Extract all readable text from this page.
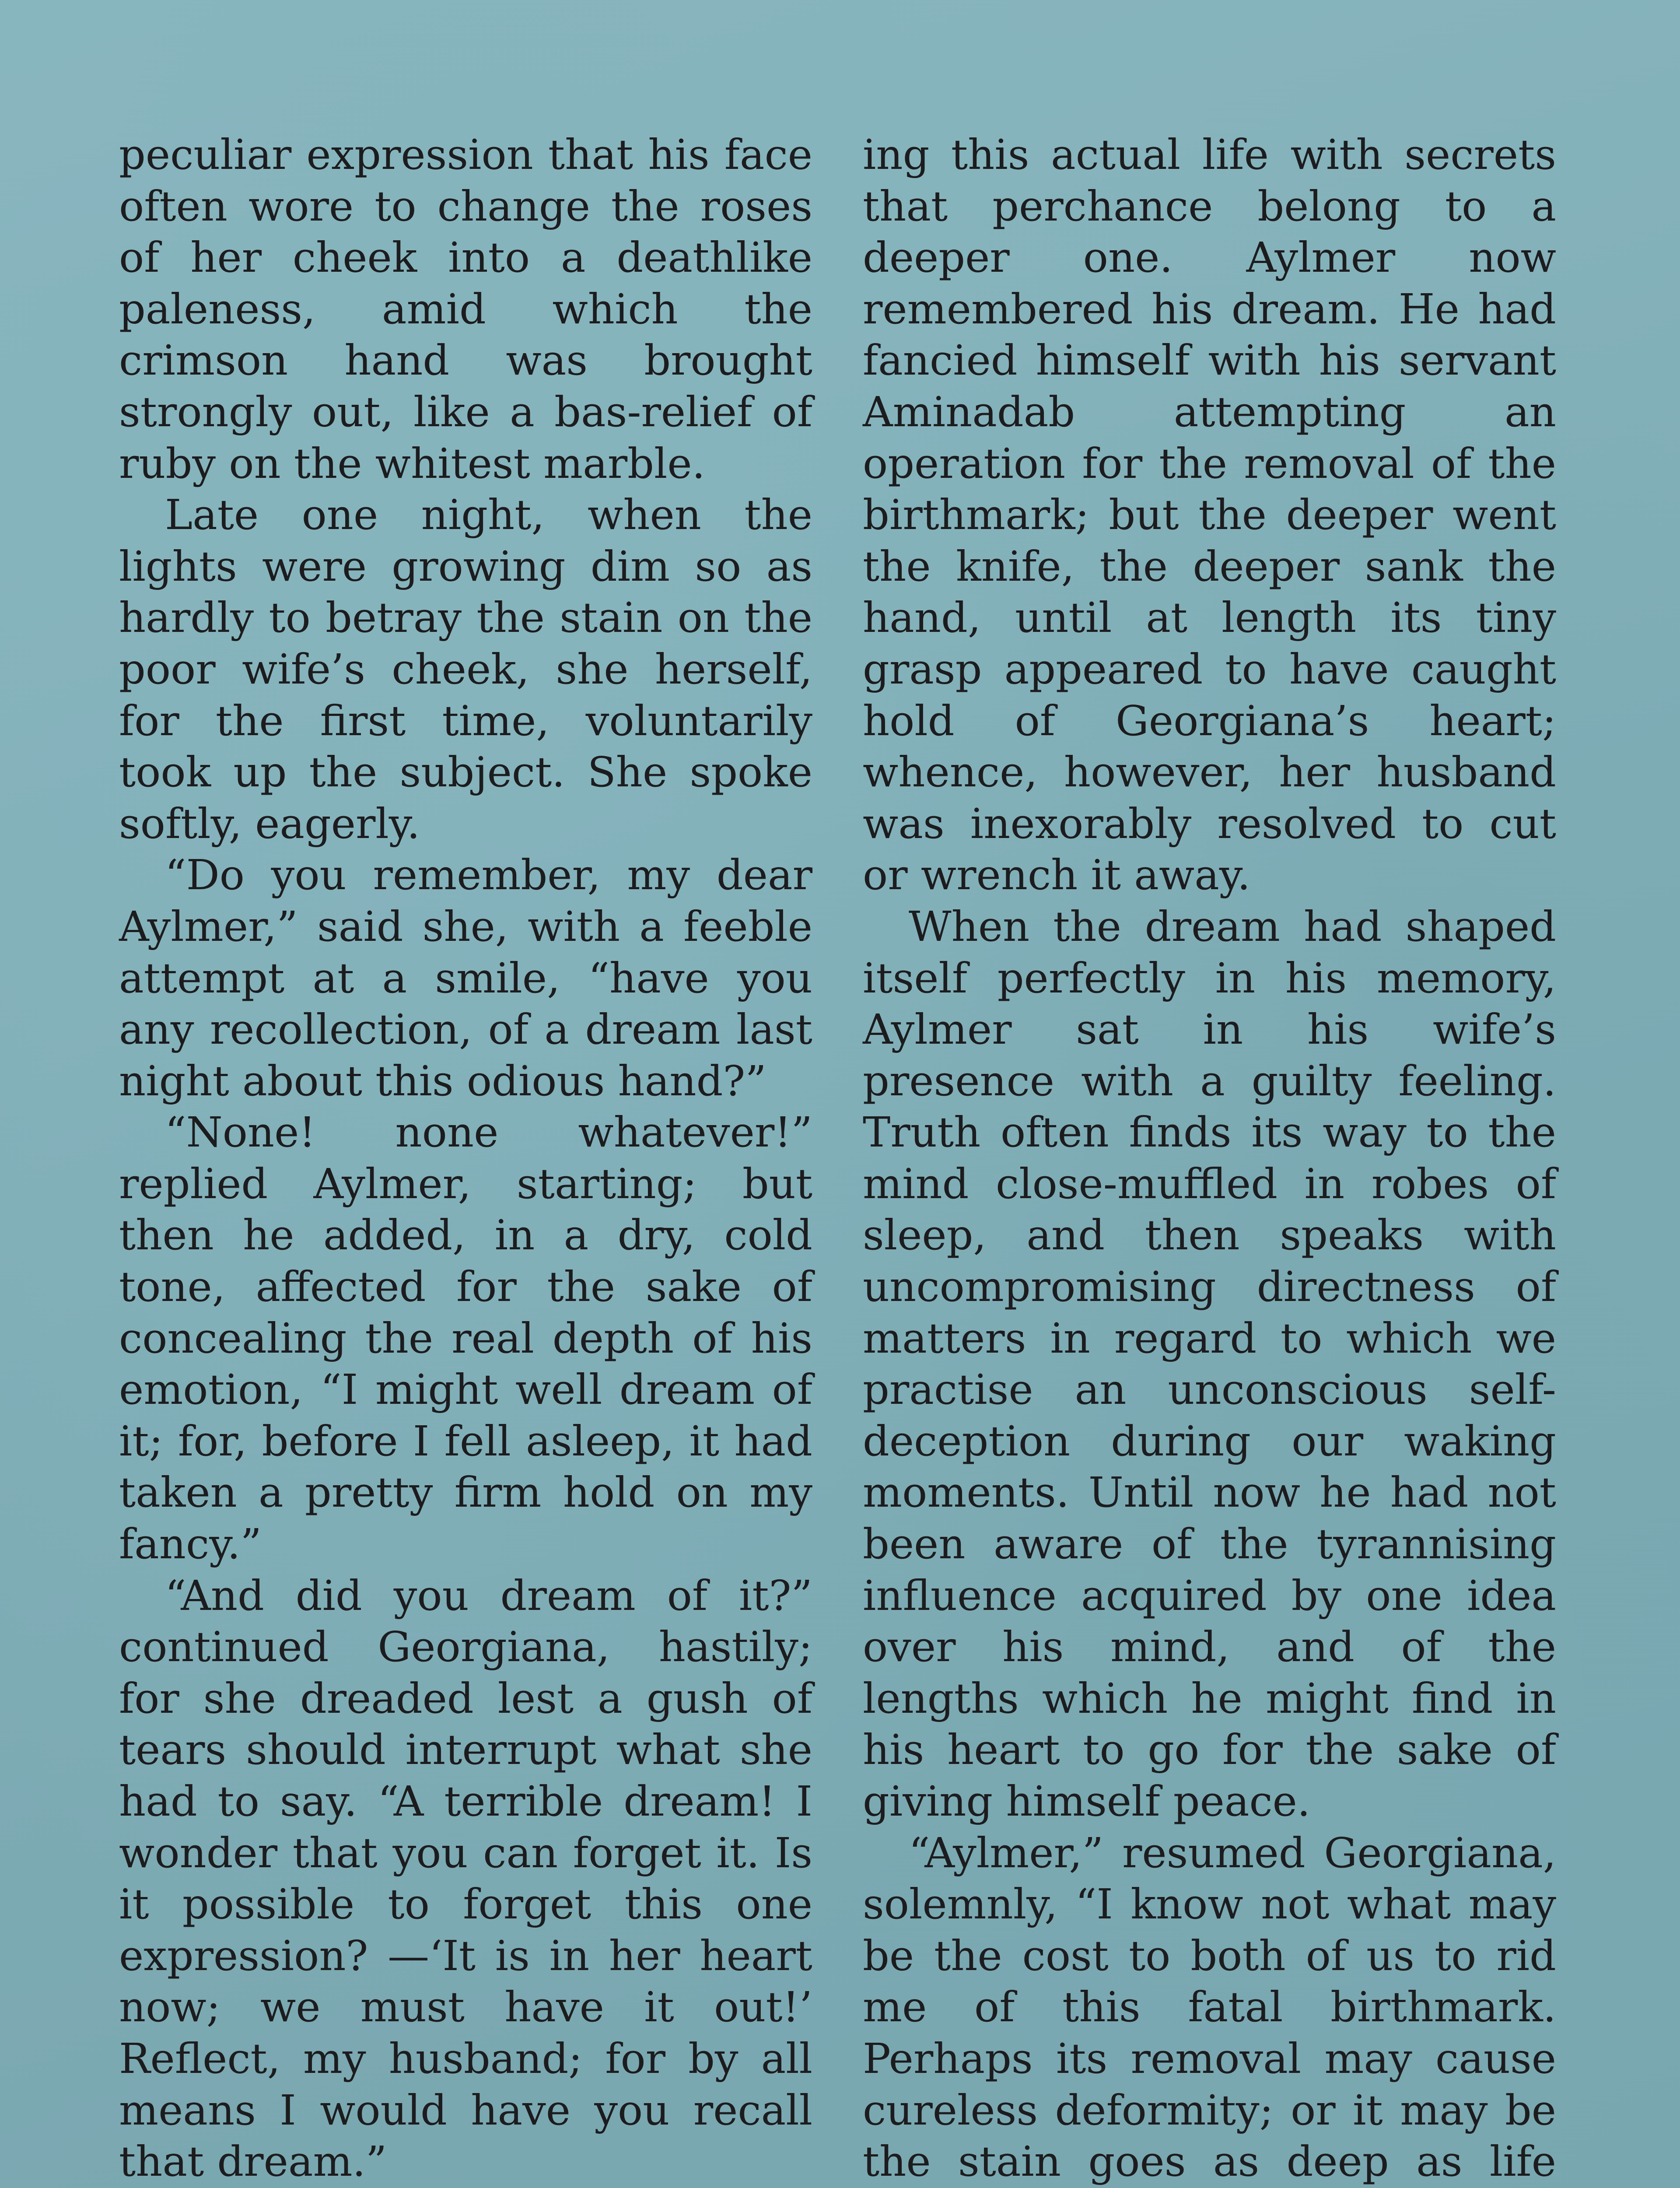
peculiar expression that his face often wore to change the roses of her cheek into a deathlike paleness, amid which the crimson hand was brought strongly out, like a bas-relief of ruby on the whitest marble.

Late one night, when the lights were growing dim so as hardly to betray the stain on the poor wife’s cheek, she herself, for the first time, voluntarily took up the subject. She spoke softly, eagerly.

“Do you remember, my dear Aylmer,” said she, with a feeble attempt at a smile, “have you any recollection, of a dream last night about this odious hand?”

“None! none whatever!” replied Aylmer, starting; but then he added, in a dry, cold tone, affected for the sake of concealing the real depth of his emotion, “I might well dream of it; for, before I fell asleep, it had taken a pretty firm hold on my fancy.”

“And did you dream of it?” continued Georgiana, hastily; for she dreaded lest a gush of tears should interrupt what she had to say. “A terrible dream! I wonder that you can forget it. Is it possible to forget this one expression? —‘It is in her heart now; we must have it out!’ Reflect, my husband; for by all means I would have you recall that dream.”

ing this actual life with secrets that perchance belong to a deeper one. Aylmer now remembered his dream. He had fancied himself with his servant Aminadab attempting an operation for the removal of the birthmark; but the deeper went the knife, the deeper sank the hand, until at length its tiny grasp appeared to have caught hold of Georgiana’s heart; whence, however, her husband was inexorably resolved to cut or wrench it away.

When the dream had shaped itself perfectly in his memory, Aylmer sat in his wife’s presence with a guilty feeling. Truth often finds its way to the mind close-muffled in robes of sleep, and then speaks with uncompromising directness of matters in regard to which we practise an unconscious self-deception during our waking moments. Until now he had not been aware of the tyrannising influence acquired by one idea over his mind, and of the lengths which he might find in his heart to go for the sake of giving himself peace.

“Aylmer,” resumed Georgiana, solemnly, “I know not what may be the cost to both of us to rid me of this fatal birthmark. Perhaps its removal may cause cureless deformity; or it may be the stain goes as deep as life
